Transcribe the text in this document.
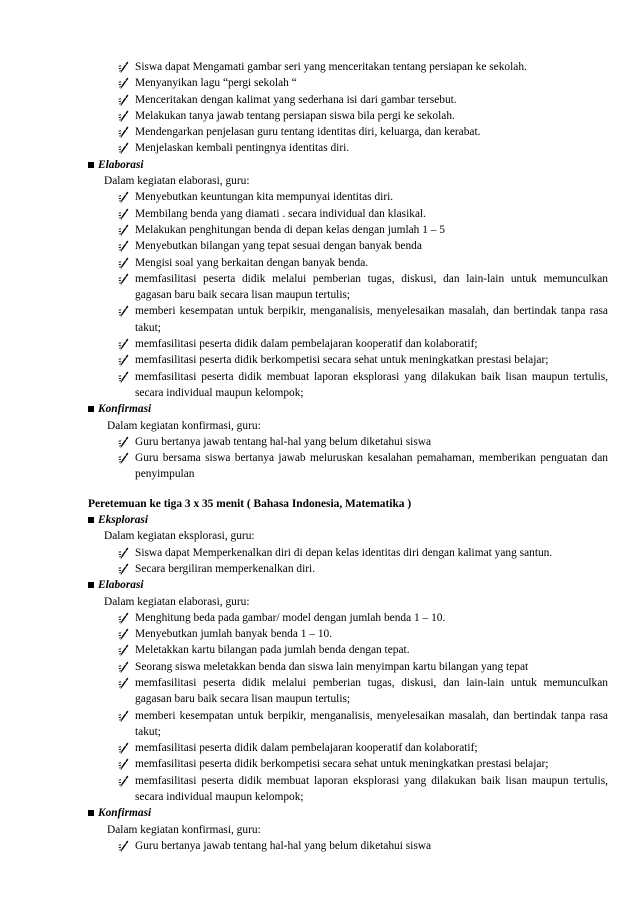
Siswa dapat Mengamati gambar seri yang menceritakan tentang persiapan ke sekolah.
Menyanyikan lagu “pergi sekolah “
Menceritakan dengan kalimat yang sederhana isi dari gambar tersebut.
Melakukan tanya jawab tentang persiapan siswa bila pergi ke sekolah.
Mendengarkan penjelasan guru tentang identitas diri, keluarga, dan kerabat.
Menjelaskan kembali pentingnya identitas diri.
Elaborasi
Dalam kegiatan elaborasi, guru:
Menyebutkan keuntungan kita mempunyai identitas diri.
Membilang benda yang diamati . secara individual dan klasikal.
Melakukan penghitungan benda di depan kelas dengan jumlah 1 – 5
Menyebutkan bilangan yang tepat sesuai dengan banyak benda
Mengisi soal yang berkaitan dengan banyak benda.
memfasilitasi peserta didik melalui pemberian tugas, diskusi, dan lain-lain untuk memunculkan gagasan baru baik secara lisan maupun tertulis;
memberi kesempatan untuk berpikir, menganalisis, menyelesaikan masalah, dan bertindak tanpa rasa takut;
memfasilitasi peserta didik dalam pembelajaran kooperatif dan kolaboratif;
memfasilitasi peserta didik berkompetisi secara sehat untuk meningkatkan prestasi belajar;
memfasilitasi peserta didik membuat laporan eksplorasi yang dilakukan baik lisan maupun tertulis, secara individual maupun kelompok;
Konfirmasi
Dalam kegiatan konfirmasi, guru:
Guru bertanya jawab tentang hal-hal yang belum diketahui siswa
Guru bersama siswa bertanya jawab meluruskan kesalahan pemahaman, memberikan penguatan dan penyimpulan
Peretemuan ke tiga 3 x 35 menit ( Bahasa Indonesia, Matematika )
Eksplorasi
Dalam kegiatan eksplorasi, guru:
Siswa dapat Memperkenalkan diri di depan kelas identitas diri dengan kalimat yang santun.
Secara bergiliran memperkenalkan diri.
Elaborasi
Dalam kegiatan elaborasi, guru:
Menghitung beda pada gambar/ model dengan jumlah benda 1 – 10.
Menyebutkan jumlah banyak benda 1 – 10.
Meletakkan kartu bilangan pada jumlah benda dengan tepat.
Seorang siswa meletakkan benda dan siswa lain menyimpan kartu bilangan yang tepat
memfasilitasi peserta didik melalui pemberian tugas, diskusi, dan lain-lain untuk memunculkan gagasan baru baik secara lisan maupun tertulis;
memberi kesempatan untuk berpikir, menganalisis, menyelesaikan masalah, dan bertindak tanpa rasa takut;
memfasilitasi peserta didik dalam pembelajaran kooperatif dan kolaboratif;
memfasilitasi peserta didik berkompetisi secara sehat untuk meningkatkan prestasi belajar;
memfasilitasi peserta didik membuat laporan eksplorasi yang dilakukan baik lisan maupun tertulis, secara individual maupun kelompok;
Konfirmasi
Dalam kegiatan konfirmasi, guru:
Guru bertanya jawab tentang hal-hal yang belum diketahui siswa
